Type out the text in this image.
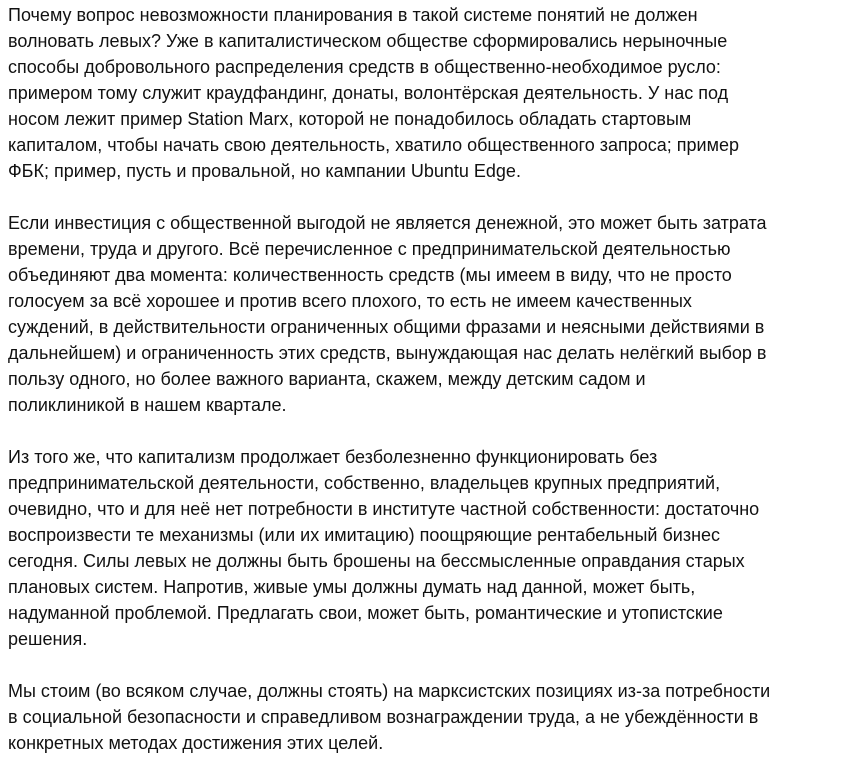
Почему вопрос невозможности планирования в такой системе понятий не должен
волновать левых? Уже в капиталистическом обществе сформировались нерыночные
способы добровольного распределения средств в общественно-необходимое русло:
примером тому служит краудфандинг, донаты, волонтёрская деятельность. У нас под
носом лежит пример Station Marx, которой не понадобилось обладать стартовым
капиталом, чтобы начать свою деятельность, хватило общественного запроса; пример
ФБК; пример, пусть и провальной, но кампании Ubuntu Edge.

Если инвестиция с общественной выгодой не является денежной, это может быть затрата
времени, труда и другого. Всё перечисленное с предпринимательской деятельностью
объединяют два момента: количественность средств (мы имеем в виду, что не просто
голосуем за всё хорошее и против всего плохого, то есть не имеем качественных
суждений, в действительности ограниченных общими фразами и неясными действиями в
дальнейшем) и ограниченность этих средств, вынуждающая нас делать нелёгкий выбор в
пользу одного, но более важного варианта, скажем, между детским садом и
поликлиникой в нашем квартале.

Из того же, что капитализм продолжает безболезненно функционировать без
предпринимательской деятельности, собственно, владельцев крупных предприятий,
очевидно, что и для неё нет потребности в институте частной собственности: достаточно
воспроизвести те механизмы (или их имитацию) поощряющие рентабельный бизнес
сегодня. Силы левых не должны быть брошены на бессмысленные оправдания старых
плановых систем. Напротив, живые умы должны думать над данной, может быть,
надуманной проблемой. Предлагать свои, может быть, романтические и утопистские
решения.

Мы стоим (во всяком случае, должны стоять) на марксистских позициях из-за потребности
в социальной безопасности и справедливом вознаграждении труда, а не убеждённости в
конкретных методах достижения этих целей.
